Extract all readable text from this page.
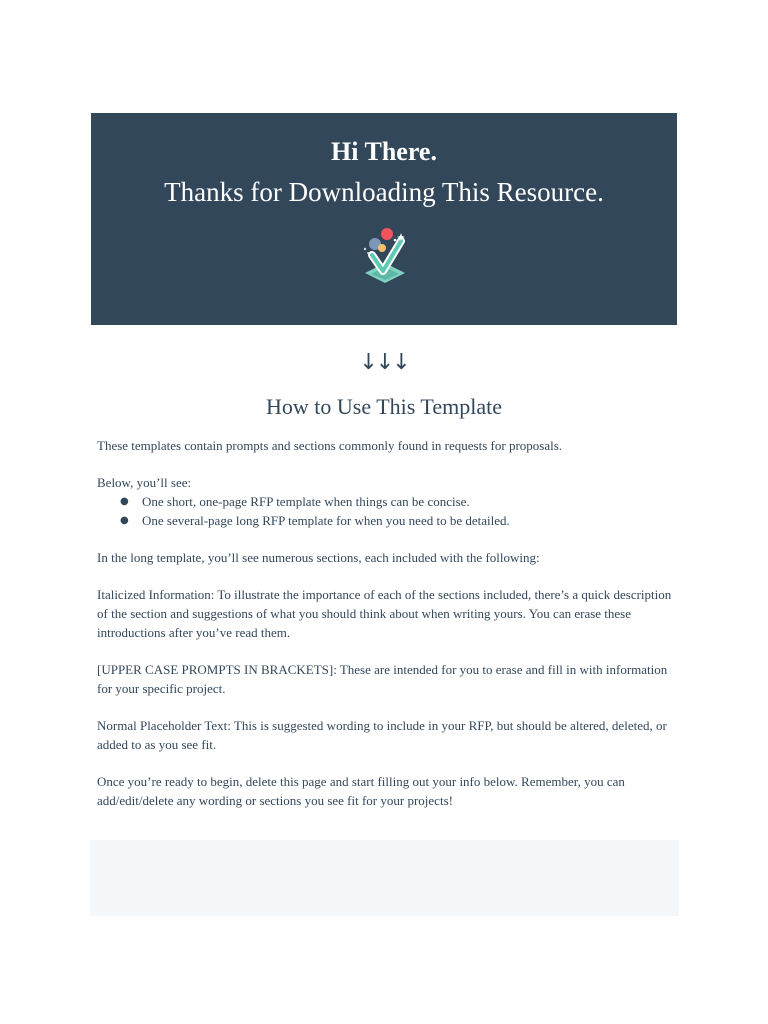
Hi There.
Thanks for Downloading This Resource.
↓↓↓
How to Use This Template

These templates contain prompts and sections commonly found in requests for proposals.

Below, you’ll see:

● One short, one-page RFP template when things can be concise.
● One several-page long RFP template for when you need to be detailed.

In the long template, you’ll see numerous sections, each included with the following:

Italicized Information: To illustrate the importance of each of the sections included, there’s a quick description of the section and suggestions of what you should think about when writing yours. You can erase these introductions after you’ve read them.

[UPPER CASE PROMPTS IN BRACKETS]: These are intended for you to erase and fill in with information for your specific project.

Normal Placeholder Text: This is suggested wording to include in your RFP, but should be altered, deleted, or added to as you see fit.

Once you’re ready to begin, delete this page and start filling out your info below. Remember, you can add/edit/delete any wording or sections you see fit for your projects!
